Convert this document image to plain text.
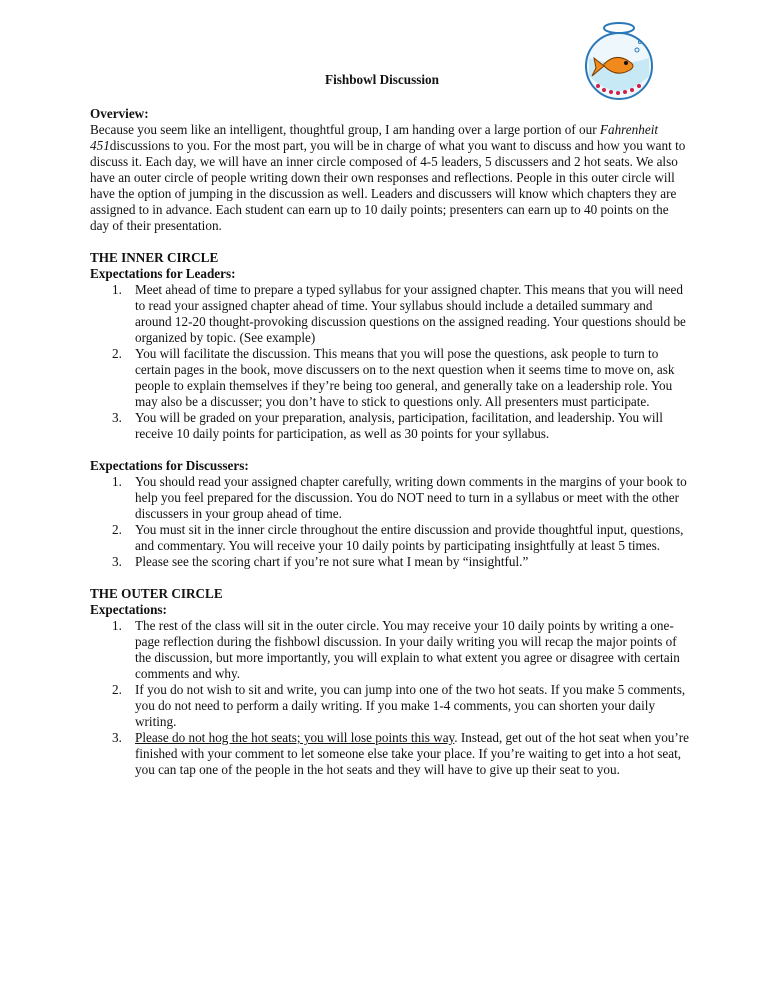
Fishbowl Discussion

Overview:

Because you seem like an intelligent, thoughtful group, I am handing over a large portion of our Fahrenheit 451discussions to you. For the most part, you will be in charge of what you want to discuss and how you want to discuss it. Each day, we will have an inner circle composed of 4-5 leaders, 5 discussers and 2 hot seats. We also have an outer circle of people writing down their own responses and reflections. People in this outer circle will have the option of jumping in the discussion as well. Leaders and discussers will know which chapters they are assigned to in advance. Each student can earn up to 10 daily points; presenters can earn up to 40 points on the day of their presentation.

THE INNER CIRCLE

Expectations for Leaders:

1. Meet ahead of time to prepare a typed syllabus for your assigned chapter. This means that you will need to read your assigned chapter ahead of time. Your syllabus should include a detailed summary and around 12-20 thought-provoking discussion questions on the assigned reading. Your questions should be organized by topic. (See example)
2. You will facilitate the discussion. This means that you will pose the questions, ask people to turn to certain pages in the book, move discussers on to the next question when it seems time to move on, ask people to explain themselves if they’re being too general, and generally take on a leadership role. You may also be a discusser; you don’t have to stick to questions only. All presenters must participate.
3. You will be graded on your preparation, analysis, participation, facilitation, and leadership. You will receive 10 daily points for participation, as well as 30 points for your syllabus.

Expectations for Discussers:

1. You should read your assigned chapter carefully, writing down comments in the margins of your book to help you feel prepared for the discussion. You do NOT need to turn in a syllabus or meet with the other discussers in your group ahead of time.
2. You must sit in the inner circle throughout the entire discussion and provide thoughtful input, questions, and commentary. You will receive your 10 daily points by participating insightfully at least 5 times.
3. Please see the scoring chart if you’re not sure what I mean by “insightful.”

THE OUTER CIRCLE

Expectations:

1. The rest of the class will sit in the outer circle. You may receive your 10 daily points by writing a one-page reflection during the fishbowl discussion. In your daily writing you will recap the major points of the discussion, but more importantly, you will explain to what extent you agree or disagree with certain comments and why.
2. If you do not wish to sit and write, you can jump into one of the two hot seats. If you make 5 comments, you do not need to perform a daily writing. If you make 1-4 comments, you can shorten your daily writing.
3. Please do not hog the hot seats; you will lose points this way. Instead, get out of the hot seat when you’re finished with your comment to let someone else take your place. If you’re waiting to get into a hot seat, you can tap one of the people in the hot seats and they will have to give up their seat to you.
